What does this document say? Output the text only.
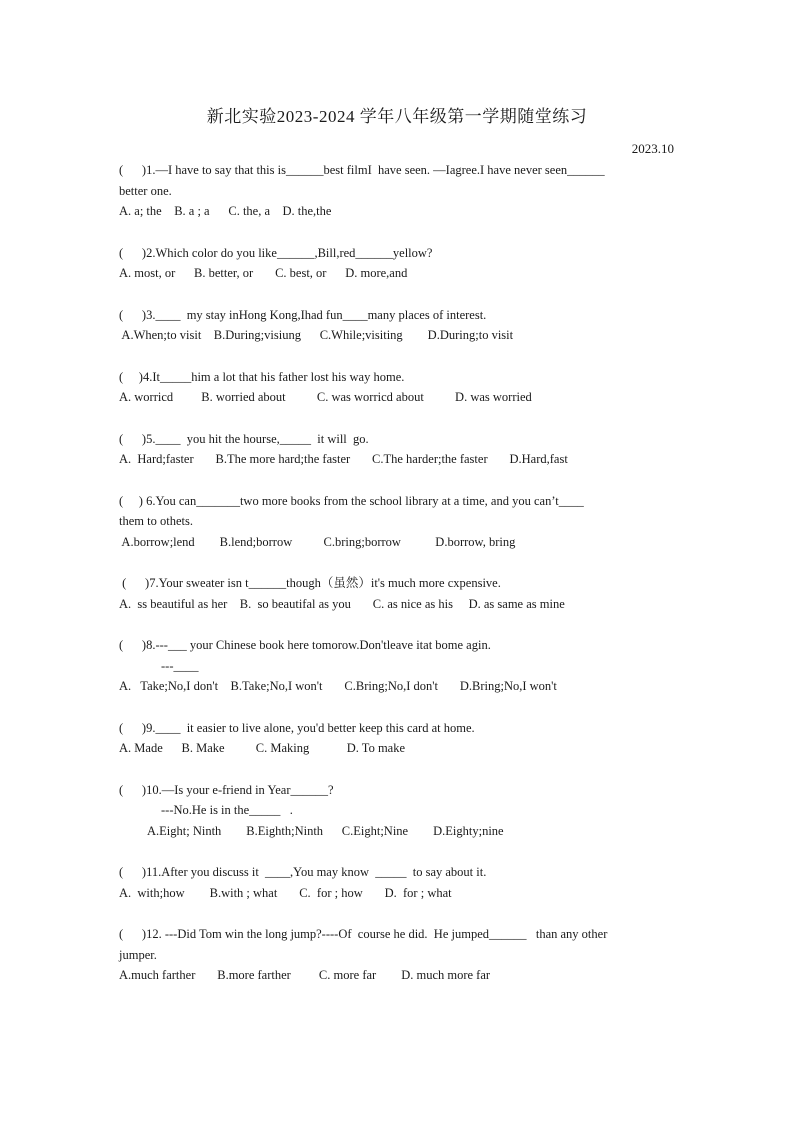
新北实验2023-2024 学年八年级第一学期随堂练习
2023.10
(      )1.—I have to say that this is______best filmI  have seen. —Iagree.I have never seen______
better one.
A. a; the    B. a ; a      C. the, a    D. the,the
(      )2.Which color do you like______,Bill,red______yellow?
A. most, or      B. better, or       C. best, or      D. more,and
(      )3.____  my stay inHong Kong,Ihad fun____many places of interest.
A.When;to visit    B.During;visiung      C.While;visiting        D.During;to visit
(     )4.It_____him a lot that his father lost his way home.
A. worricd         B. worried about          C. was worricd about          D. was worried
(      )5.____  you hit the hourse,_____  it will  go.
A.  Hard;faster       B.The more hard;the faster       C.The harder;the faster       D.Hard,fast
(     ) 6.You can_______two more books from the school library at a time, and you can’t____
them to othets.
A.borrow;lend        B.lend;borrow          C.bring;borrow           D.borrow, bring
(      )7.Your sweater isn t______though（虽然）it's much more cxpensive.
A.  ss beautiful as her    B.  so beautifal as you       C. as nice as his     D. as same as mine
(      )8.---___ your Chinese book here tomorow.Don'tleave itat bome agin.
---____
A.   Take;No,I don't    B.Take;No,I won't       C.Bring;No,I don't       D.Bring;No,I won't
(      )9.____  it easier to live alone, you'd better keep this card at home.
A. Made      B. Make          C. Making            D. To make
(      )10.—Is your e-friend in Year______?
---No.He is in the_____   .
A.Eight; Ninth        B.Eighth;Ninth      C.Eight;Nine        D.Eighty;nine
(      )11.After you discuss it  ____,You may know  _____  to say about it.
A.  with;how        B.with ; what       C.  for ; how       D.  for ; what
(      )12. ---Did Tom win the long jump?----Of  course he did.  He jumped______   than any other
jumper.
A.much farther       B.more farther         C. more far        D. much more far
